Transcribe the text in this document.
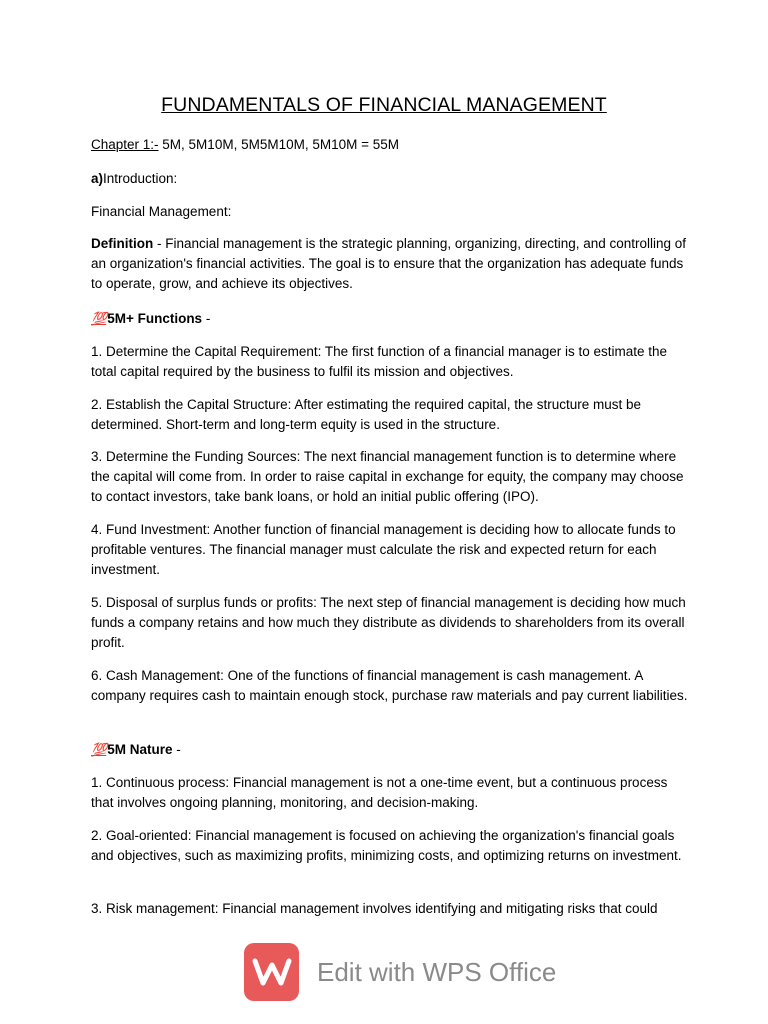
FUNDAMENTALS OF FINANCIAL MANAGEMENT
Chapter 1:- 5M, 5M10M, 5M5M10M, 5M10M = 55M
a)Introduction:
Financial Management:
Definition - Financial management is the strategic planning, organizing, directing, and controlling of an organization's financial activities. The goal is to ensure that the organization has adequate funds to operate, grow, and achieve its objectives.
💯5M+ Functions -
1. Determine the Capital Requirement: The first function of a financial manager is to estimate the total capital required by the business to fulfil its mission and objectives.
2. Establish the Capital Structure: After estimating the required capital, the structure must be determined. Short-term and long-term equity is used in the structure.
3. Determine the Funding Sources: The next financial management function is to determine where the capital will come from. In order to raise capital in exchange for equity, the company may choose to contact investors, take bank loans, or hold an initial public offering (IPO).
4. Fund Investment: Another function of financial management is deciding how to allocate funds to profitable ventures. The financial manager must calculate the risk and expected return for each investment.
5. Disposal of surplus funds or profits: The next step of financial management is deciding how much funds a company retains and how much they distribute as dividends to shareholders from its overall profit.
6. Cash Management: One of the functions of financial management is cash management. A company requires cash to maintain enough stock, purchase raw materials and pay current liabilities.
💯5M Nature -
1. Continuous process: Financial management is not a one-time event, but a continuous process that involves ongoing planning, monitoring, and decision-making.
2. Goal-oriented: Financial management is focused on achieving the organization's financial goals and objectives, such as maximizing profits, minimizing costs, and optimizing returns on investment.
3. Risk management: Financial management involves identifying and mitigating risks that could
Edit with WPS Office
